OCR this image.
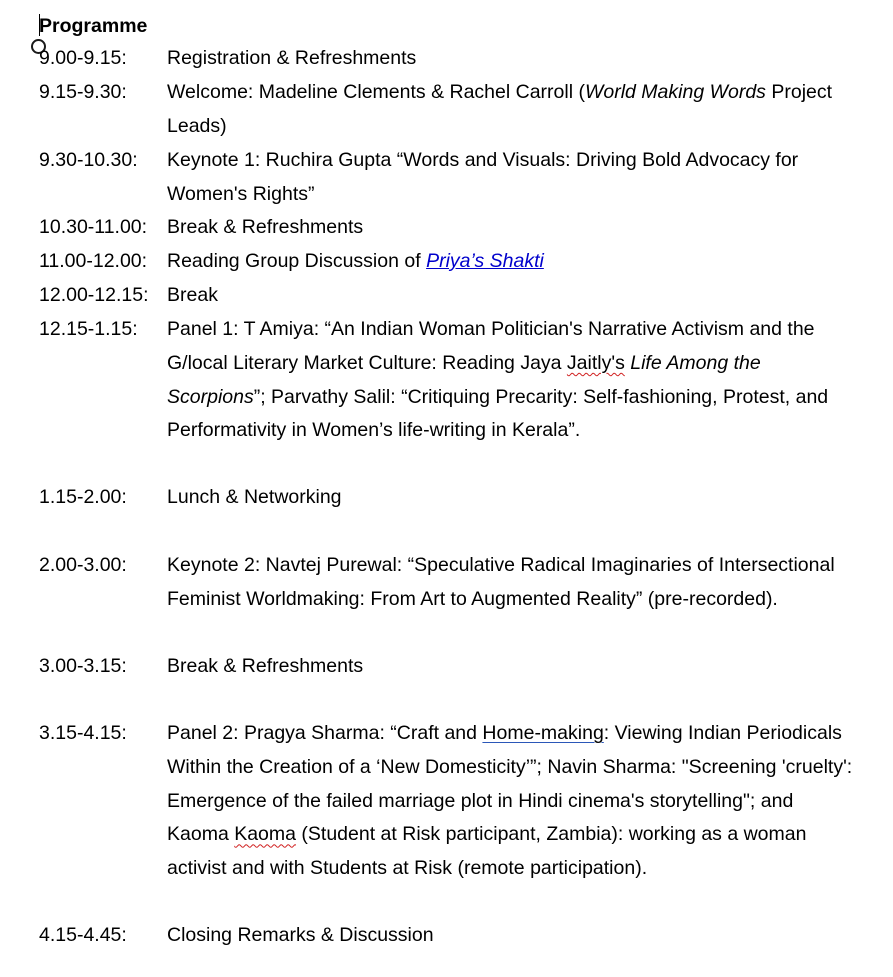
Programme
9.00-9.15: Registration & Refreshments
9.15-9.30: Welcome: Madeline Clements & Rachel Carroll (World Making Words Project Leads)
9.30-10.30: Keynote 1: Ruchira Gupta “Words and Visuals: Driving Bold Advocacy for Women's Rights”
10.30-11.00: Break & Refreshments
11.00-12.00: Reading Group Discussion of Priya’s Shakti
12.00-12.15: Break
12.15-1.15: Panel 1: T Amiya: “An Indian Woman Politician's Narrative Activism and the G/local Literary Market Culture: Reading Jaya Jaitly's Life Among the Scorpions”; Parvathy Salil: “Critiquing Precarity: Self-fashioning, Protest, and Performativity in Women’s life-writing in Kerala”.
1.15-2.00: Lunch & Networking
2.00-3.00: Keynote 2: Navtej Purewal: “Speculative Radical Imaginaries of Intersectional Feminist Worldmaking: From Art to Augmented Reality” (pre-recorded).
3.00-3.15: Break & Refreshments
3.15-4.15: Panel 2: Pragya Sharma: “Craft and Home-making: Viewing Indian Periodicals Within the Creation of a ‘New Domesticity’”; Navin Sharma: "Screening 'cruelty': Emergence of the failed marriage plot in Hindi cinema's storytelling"; and Kaoma Kaoma (Student at Risk participant, Zambia): working as a woman activist and with Students at Risk (remote participation).
4.15-4.45: Closing Remarks & Discussion
